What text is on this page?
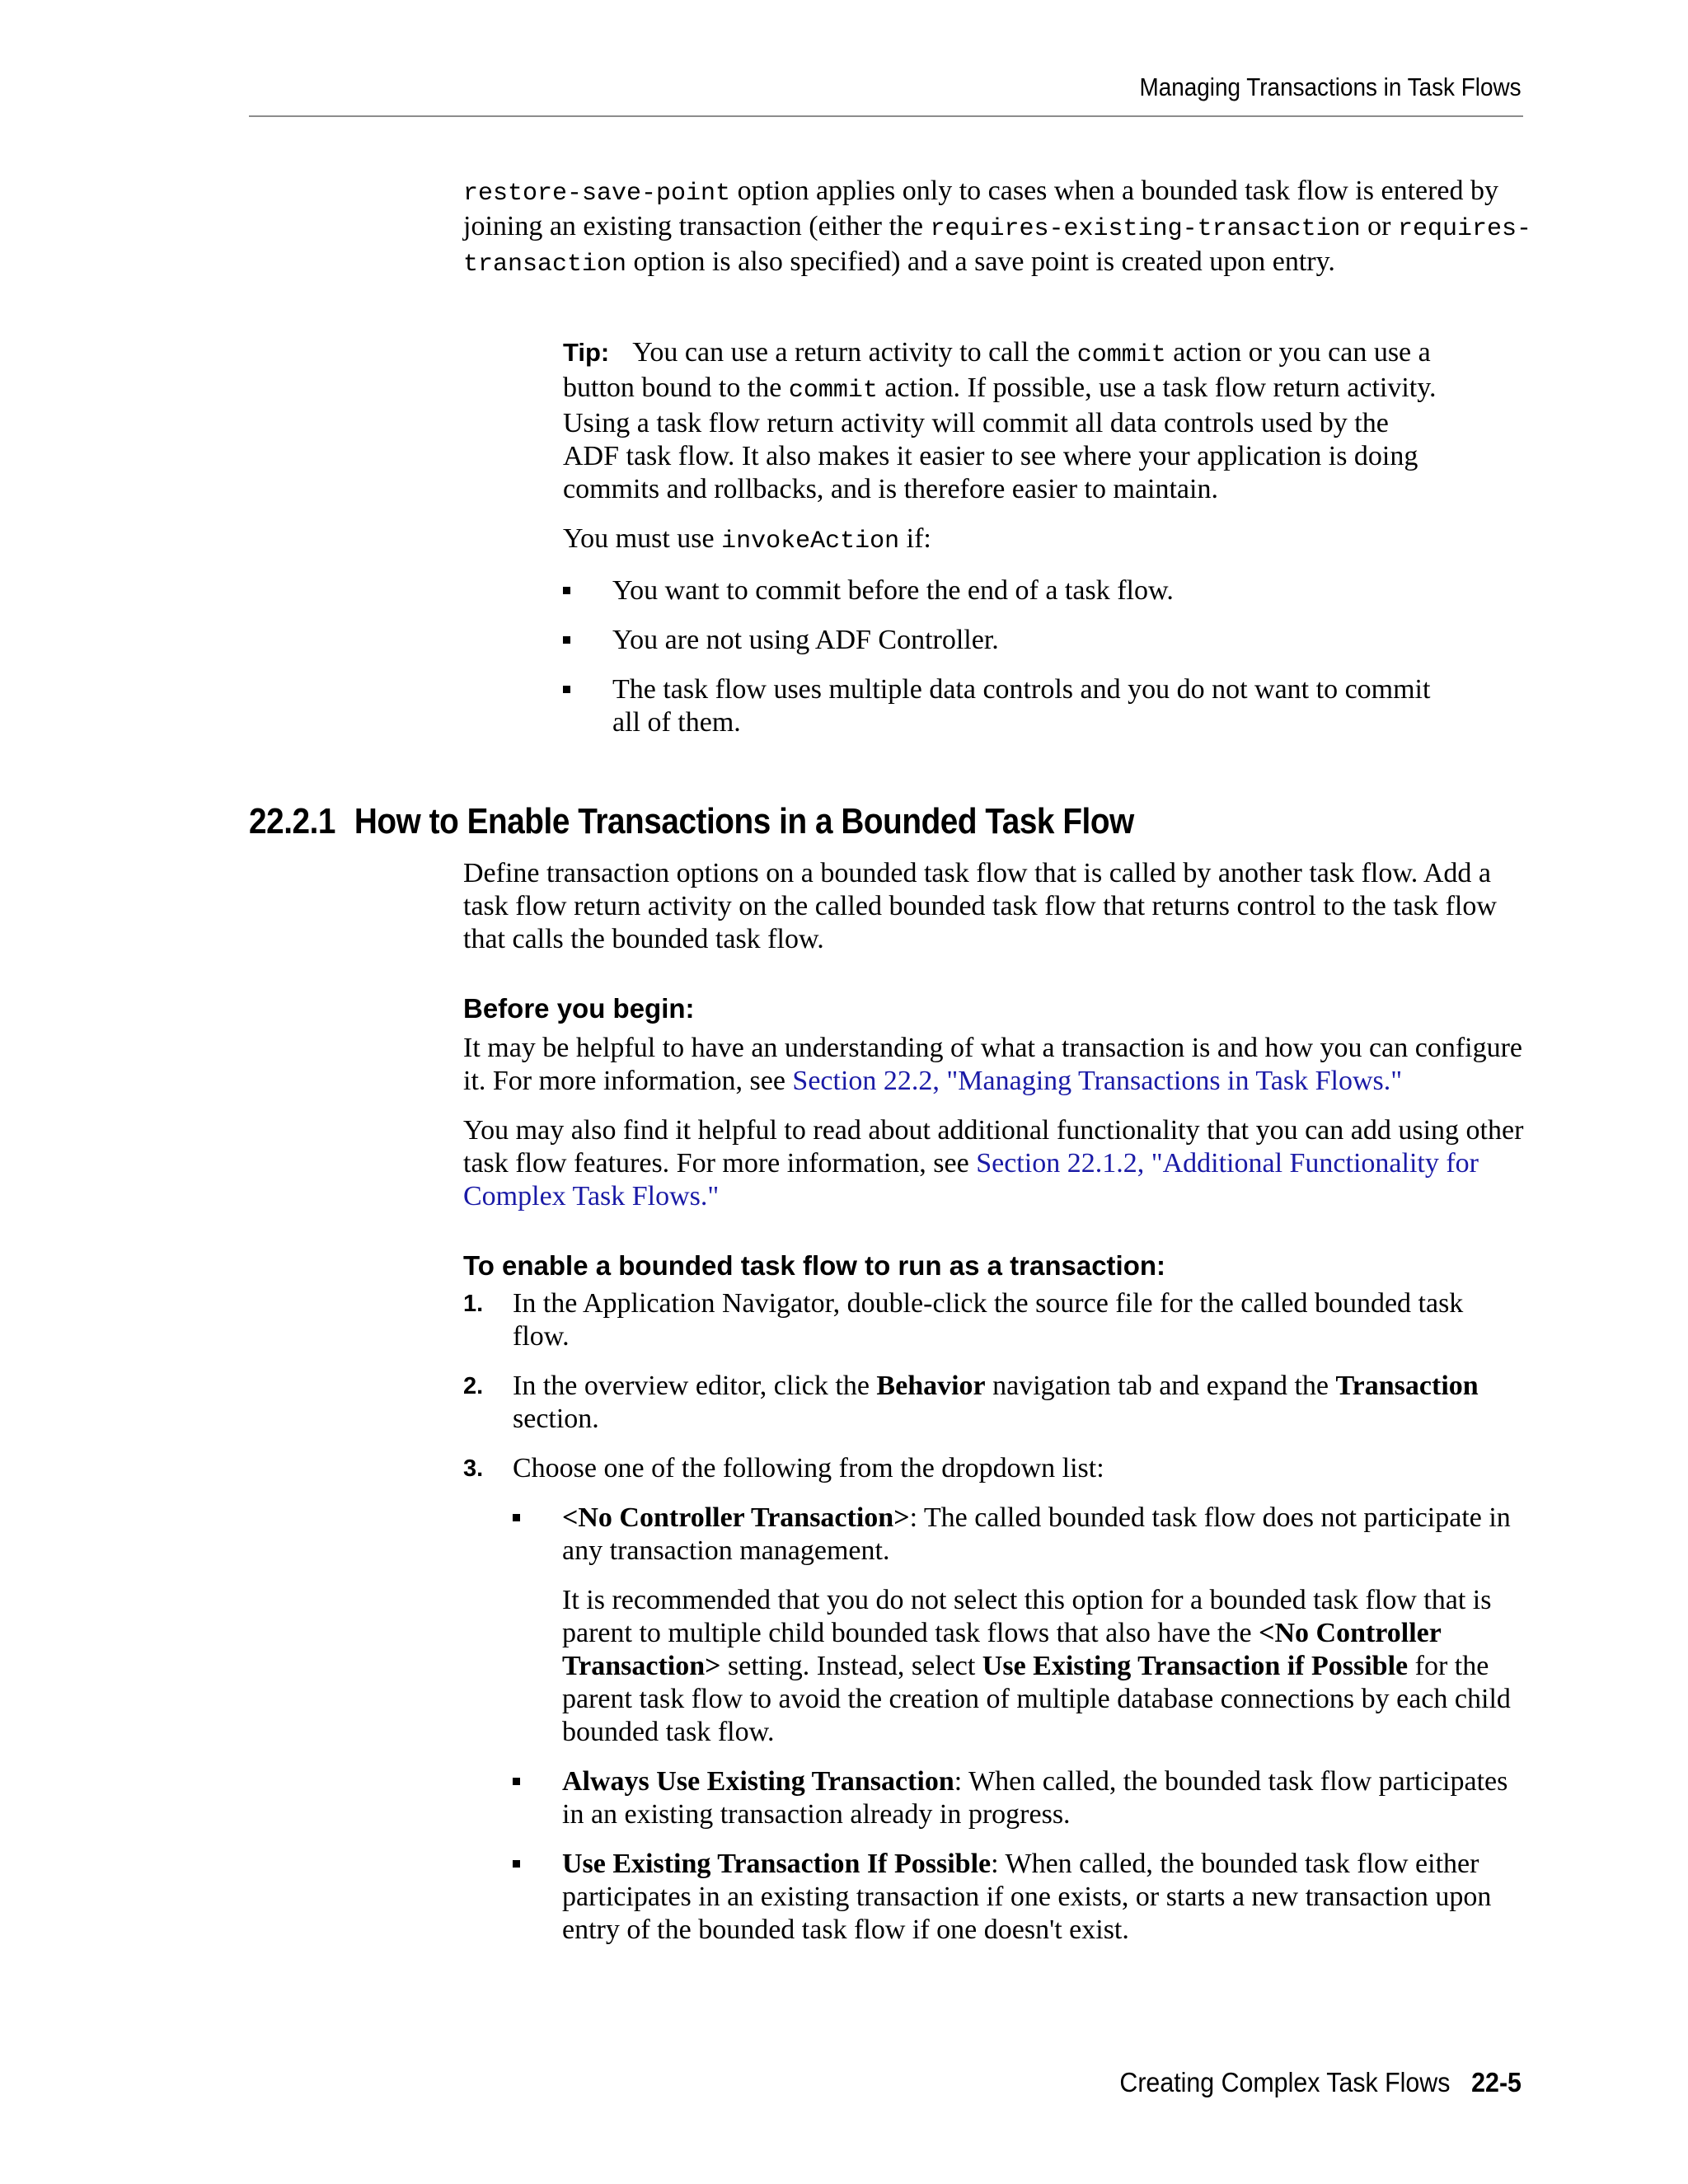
Managing Transactions in Task Flows

restore-save-point option applies only to cases when a bounded task flow is entered by joining an existing transaction (either the requires-existing-transaction or requires-transaction option is also specified) and a save point is created upon entry.

Tip: You can use a return activity to call the commit action or you can use a button bound to the commit action. If possible, use a task flow return activity. Using a task flow return activity will commit all data controls used by the ADF task flow. It also makes it easier to see where your application is doing commits and rollbacks, and is therefore easier to maintain.

You must use invokeAction if:

You want to commit before the end of a task flow.
You are not using ADF Controller.
The task flow uses multiple data controls and you do not want to commit all of them.
22.2.1 How to Enable Transactions in a Bounded Task Flow

Define transaction options on a bounded task flow that is called by another task flow. Add a task flow return activity on the called bounded task flow that returns control to the task flow that calls the bounded task flow.

Before you begin:

It may be helpful to have an understanding of what a transaction is and how you can configure it. For more information, see Section 22.2, "Managing Transactions in Task Flows."

You may also find it helpful to read about additional functionality that you can add using other task flow features. For more information, see Section 22.1.2, "Additional Functionality for Complex Task Flows."

To enable a bounded task flow to run as a transaction:

1. In the Application Navigator, double-click the source file for the called bounded task flow.
2. In the overview editor, click the Behavior navigation tab and expand the Transaction section.
3. Choose one of the following from the dropdown list:
<No Controller Transaction>: The called bounded task flow does not participate in any transaction management.

It is recommended that you do not select this option for a bounded task flow that is parent to multiple child bounded task flows that also have the <No Controller Transaction> setting. Instead, select Use Existing Transaction if Possible for the parent task flow to avoid the creation of multiple database connections by each child bounded task flow.

Always Use Existing Transaction: When called, the bounded task flow participates in an existing transaction already in progress.
Use Existing Transaction If Possible: When called, the bounded task flow either participates in an existing transaction if one exists, or starts a new transaction upon entry of the bounded task flow if one doesn't exist.
Creating Complex Task Flows 22-5
